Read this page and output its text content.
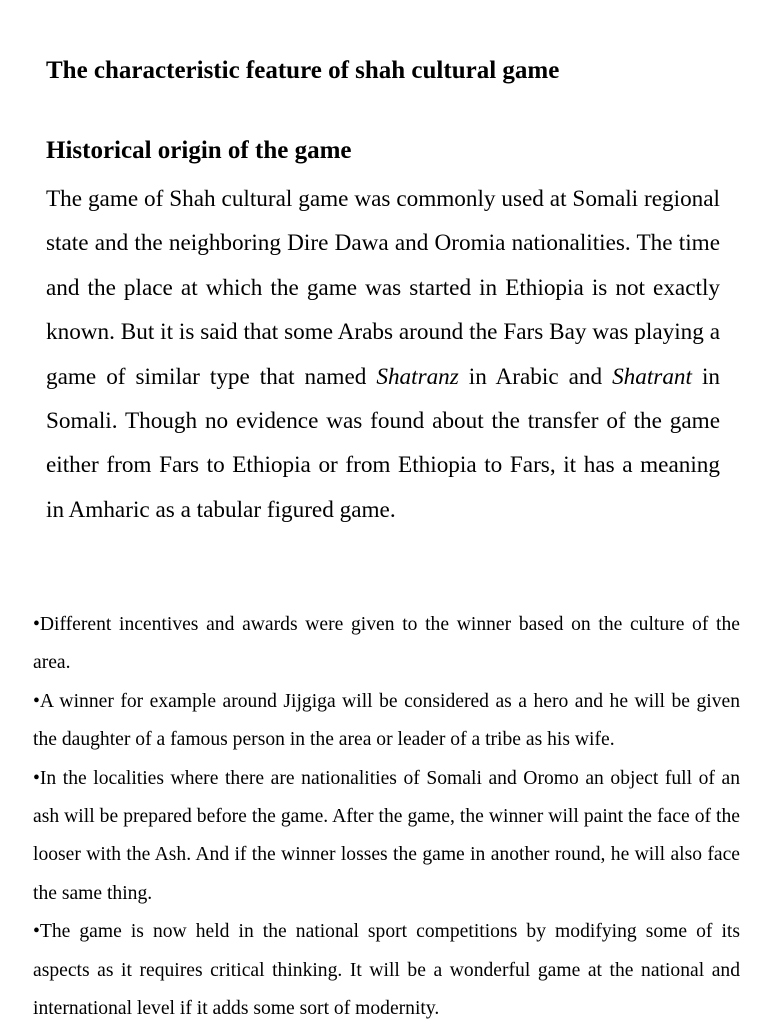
The characteristic feature of shah cultural game
Historical origin of the game

The game of Shah cultural game was commonly used at Somali regional state and the neighboring Dire Dawa and Oromia nationalities. The time and the place at which the game was started in Ethiopia is not exactly known. But it is said that some Arabs around the Fars Bay was playing a game of similar type that named Shatranz in Arabic and Shatrant in Somali. Though no evidence was found about the transfer of the game either from Fars to Ethiopia or from Ethiopia to Fars, it has a meaning in Amharic as a tabular figured game.

•Different incentives and awards were given to the winner based on the culture of the area.
•A winner for example around Jijgiga will be considered as a hero and he will be given the daughter of a famous person in the area or leader of a tribe as his wife.
•In the localities where there are nationalities of Somali and Oromo an object full of an ash will be prepared before the game. After the game, the winner will paint the face of the looser with the Ash. And if the winner losses the game in another round, he will also face the same thing.
•The game is now held in the national sport competitions by modifying some of its aspects as it requires critical thinking. It will be a wonderful game at the national and international level if it adds some sort of modernity.
